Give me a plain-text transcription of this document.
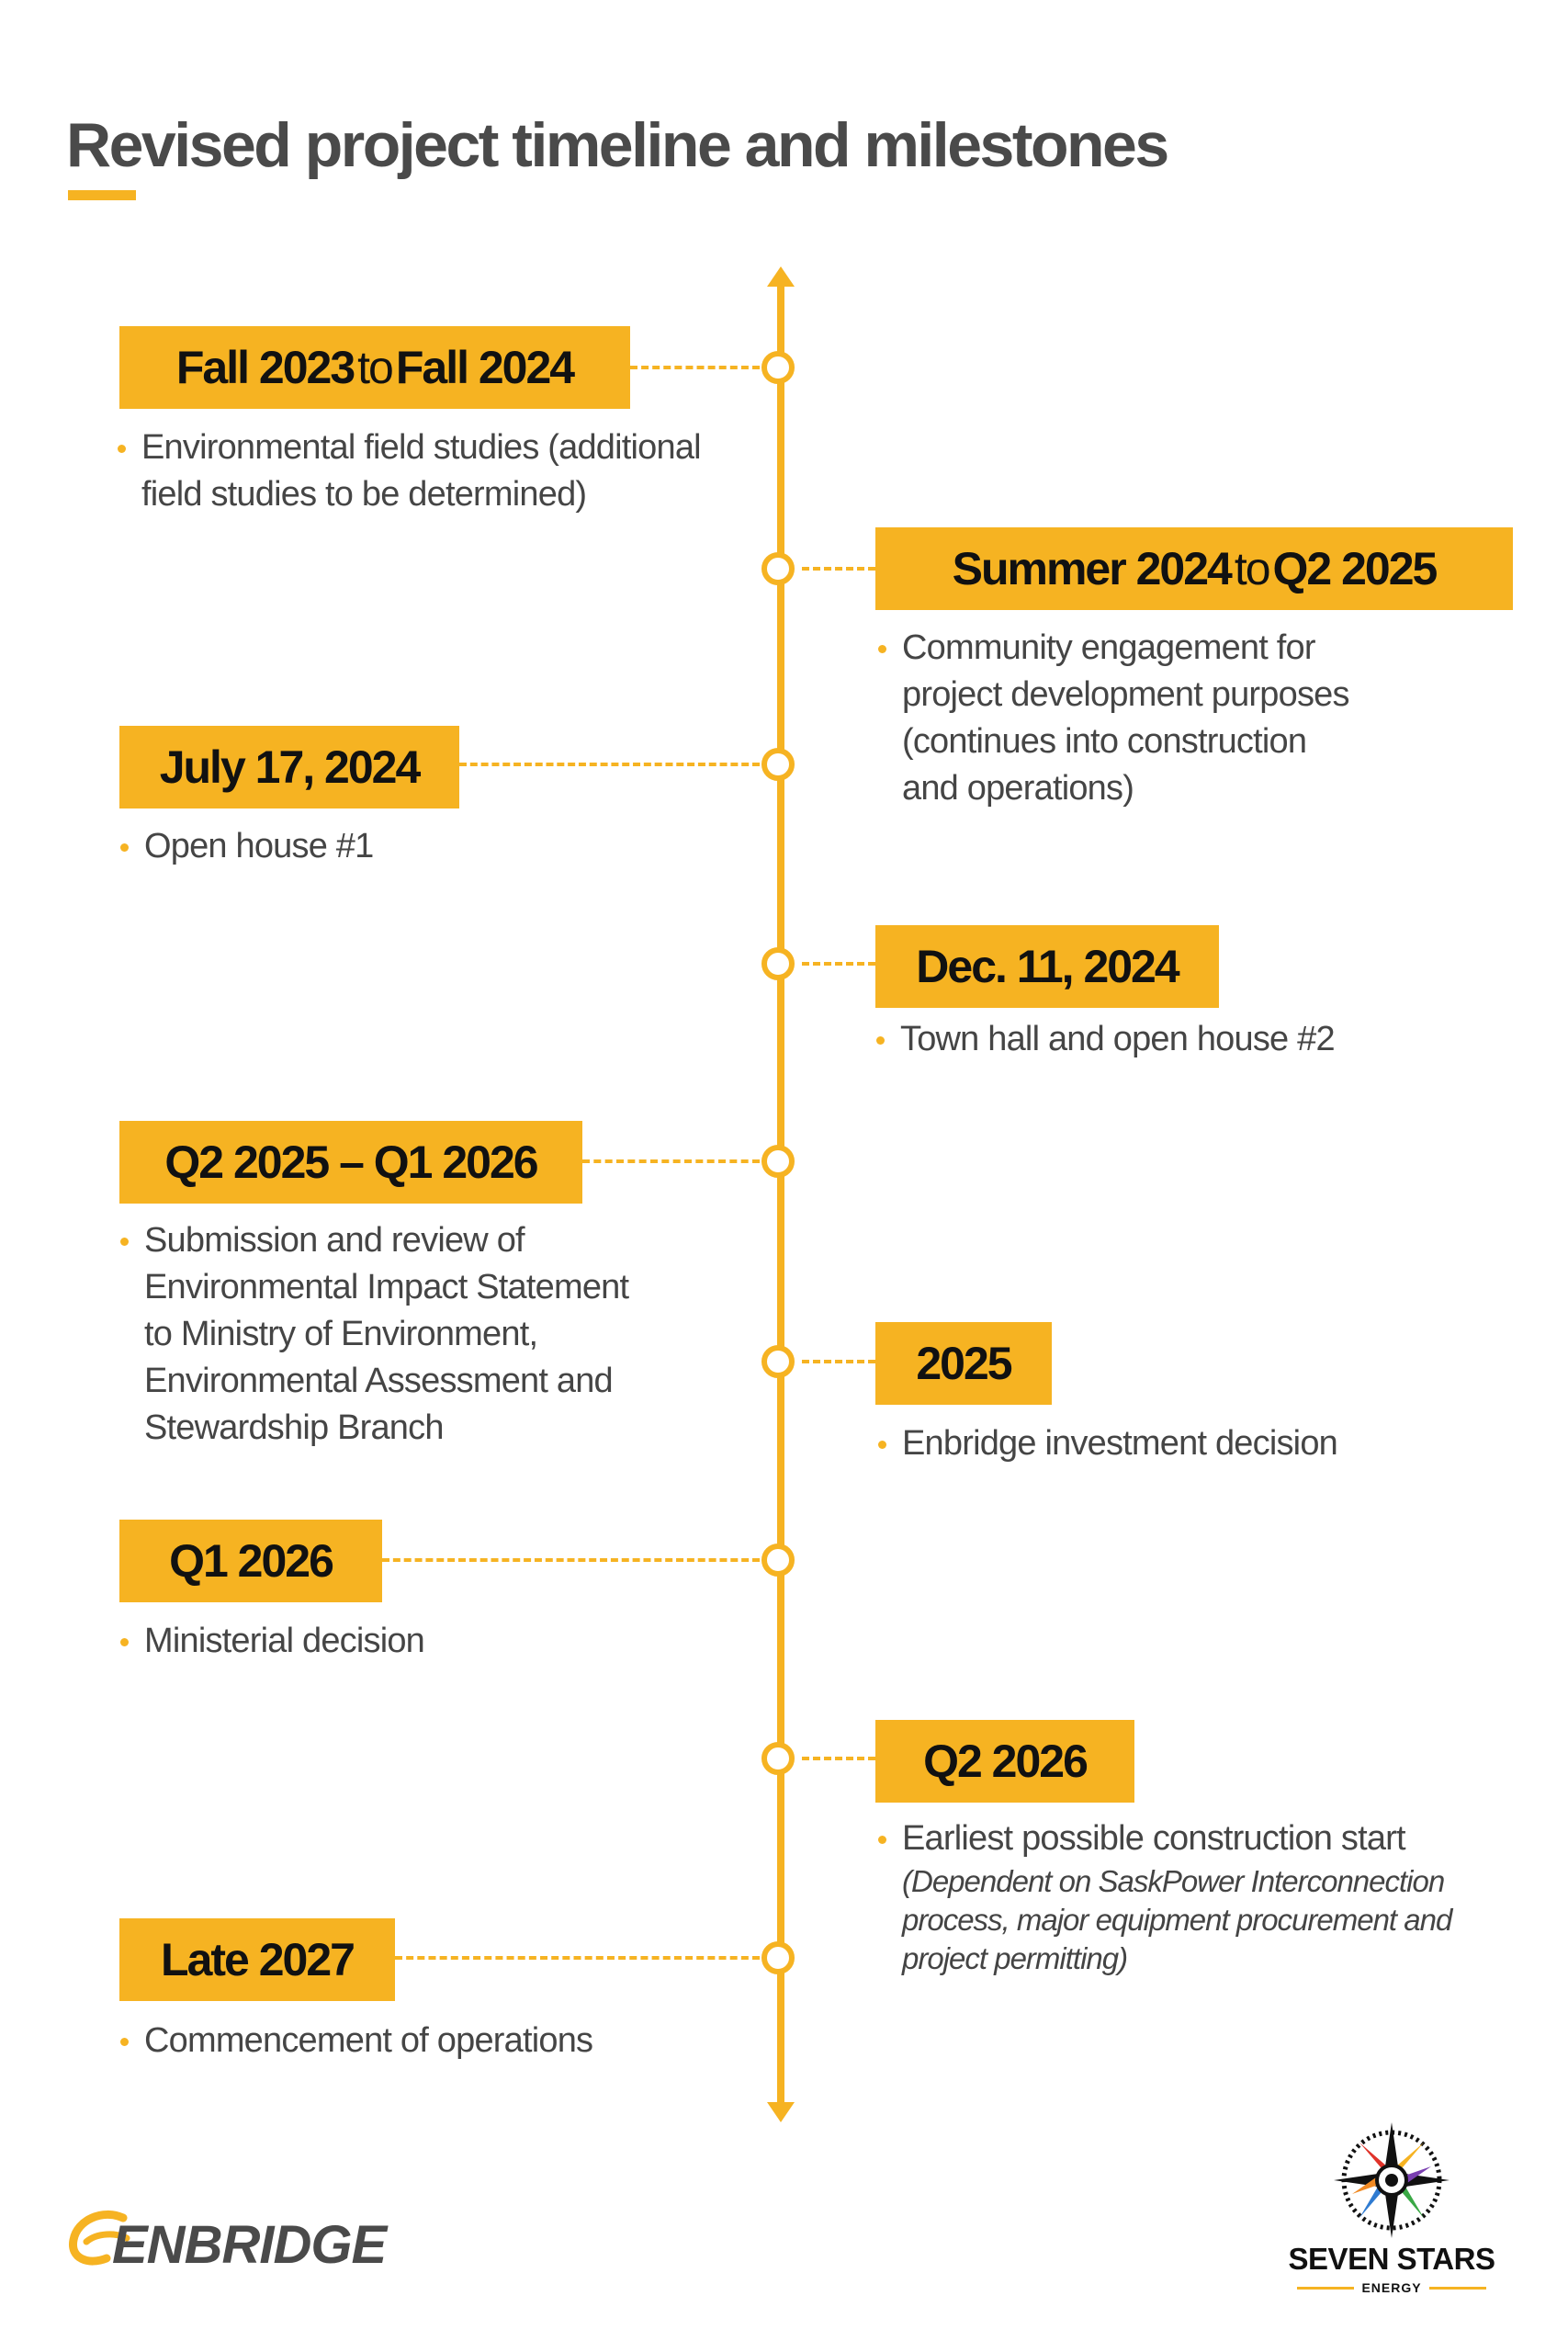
Revised project timeline and milestones
Fall 2023 to Fall 2024
Environmental field studies (additional
field studies to be determined)
Summer 2024 to Q2 2025
Community engagement for
project development purposes
(continues into construction
and operations)
July 17, 2024
Open house #1
Dec. 11, 2024
Town hall and open house #2
Q2 2025 – Q1 2026
Submission and review of
Environmental Impact Statement
to Ministry of Environment,
Environmental Assessment and
Stewardship Branch
2025
Enbridge investment decision
Q1 2026
Ministerial decision
Q2 2026
Earliest possible construction start
(Dependent on SaskPower Interconnection
process, major equipment procurement and
project permitting)
Late 2027
Commencement of operations
ENBRIDGE	SEVEN STARS
ENERGY
